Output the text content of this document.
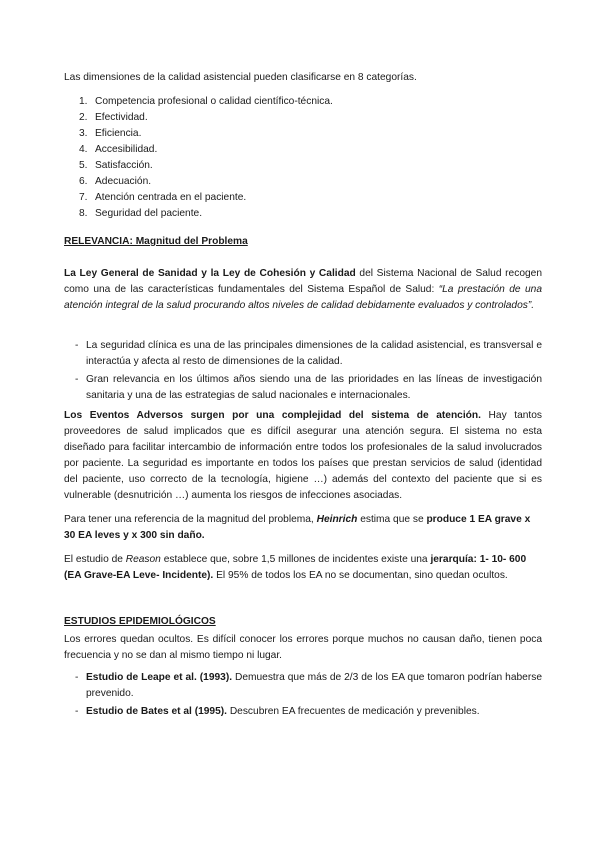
Las dimensiones de la calidad asistencial pueden clasificarse en 8 categorías.

1. Competencia profesional o calidad científico-técnica.
2. Efectividad.
3. Eficiencia.
4. Accesibilidad.
5. Satisfacción.
6. Adecuación.
7. Atención centrada en el paciente.
8. Seguridad del paciente.

RELEVANCIA: Magnitud del Problema

La Ley General de Sanidad y la Ley de Cohesión y Calidad del Sistema Nacional de Salud recogen como una de las características fundamentales del Sistema Español de Salud: “La prestación de una atención integral de la salud procurando altos niveles de calidad debidamente evaluados y controlados”.

- La seguridad clínica es una de las principales dimensiones de la calidad asistencial, es transversal e interactúa y afecta al resto de dimensiones de la calidad.
- Gran relevancia en los últimos años siendo una de las prioridades en las líneas de investigación sanitaria y una de las estrategias de salud nacionales e internacionales.

Los Eventos Adversos surgen por una complejidad del sistema de atención. Hay tantos proveedores de salud implicados que es difícil asegurar una atención segura. El sistema no esta diseñado para facilitar intercambio de información entre todos los profesionales de la salud involucrados por paciente. La seguridad es importante en todos los países que prestan servicios de salud (identidad del paciente, uso correcto de la tecnología, higiene …) además del contexto del paciente que si es vulnerable (desnutrición …) aumenta los riesgos de infecciones asociadas.

Para tener una referencia de la magnitud del problema, Heinrich estima que se produce 1 EA grave x 30 EA leves y x 300 sin daño.

El estudio de Reason establece que, sobre 1,5 millones de incidentes existe una jerarquía: 1- 10- 600 (EA Grave-EA Leve- Incidente). El 95% de todos los EA no se documentan, sino quedan ocultos.

ESTUDIOS EPIDEMIOLÓGICOS

Los errores quedan ocultos. Es difícil conocer los errores porque muchos no causan daño, tienen poca frecuencia y no se dan al mismo tiempo ni lugar.

- Estudio de Leape et al. (1993). Demuestra que más de 2/3 de los EA que tomaron podrían haberse prevenido.
- Estudio de Bates et al (1995). Descubren EA frecuentes de medicación y prevenibles.
